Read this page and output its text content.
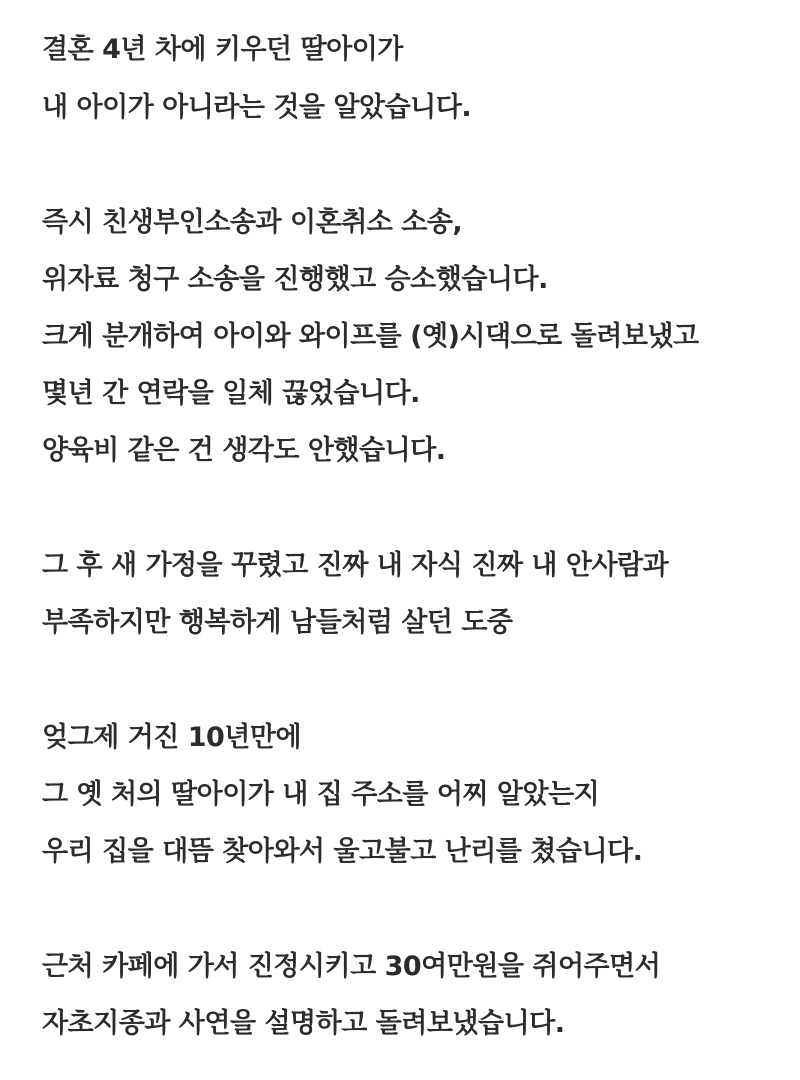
결혼 4년 차에 키우던 딸아이가
내 아이가 아니라는 것을 알았습니다.
즉시 친생부인소송과 이혼취소 소송,
위자료 청구 소송을 진행했고 승소했습니다.
크게 분개하여 아이와 와이프를 (옛)시댁으로 돌려보냈고
몇년 간 연락을 일체 끊었습니다.
양육비 같은 건 생각도 안했습니다.
그 후 새 가정을 꾸렸고 진짜 내 자식 진짜 내 안사람과
부족하지만 행복하게 남들처럼 살던 도중
엊그제 거진 10년만에
그 옛 처의 딸아이가 내 집 주소를 어찌 알았는지
우리 집을 대뜸 찾아와서 울고불고 난리를 쳤습니다.
근처 카페에 가서 진정시키고 30여만원을 쥐어주면서
자초지종과 사연을 설명하고 돌려보냈습니다.
